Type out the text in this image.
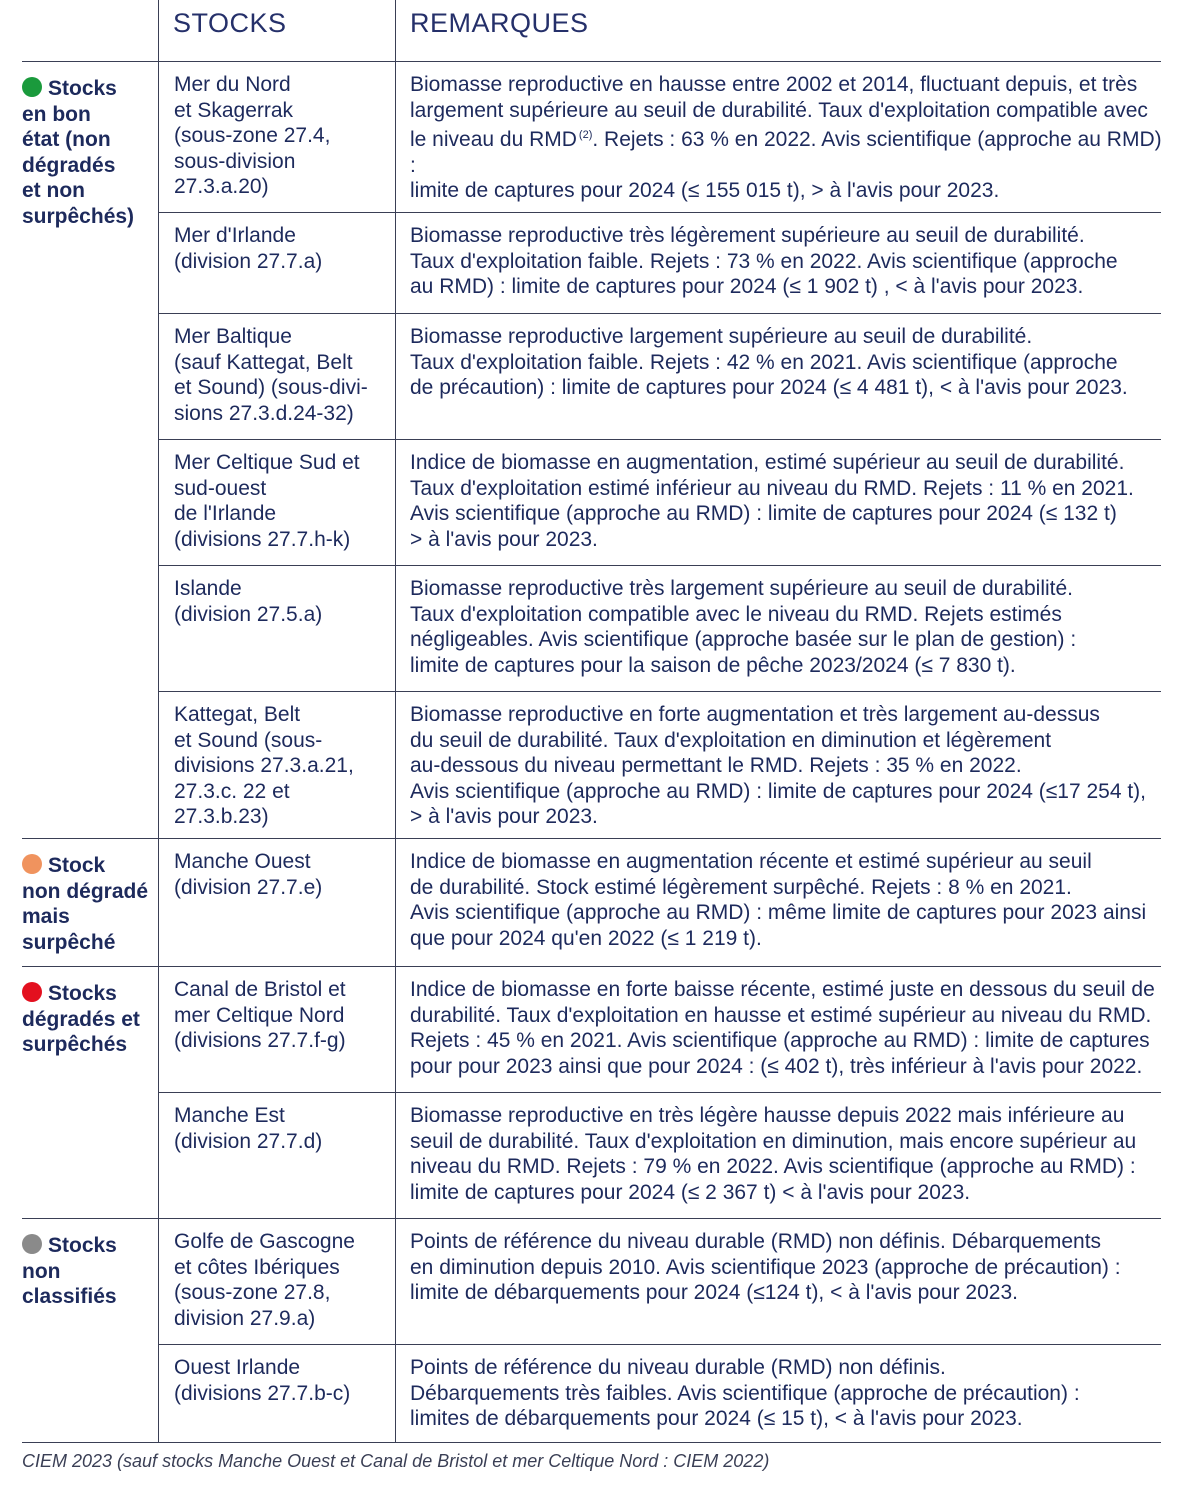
STOCKS	REMARQUES
Stocks
en bon
état (non
dégradés
et non
surpêchés)
Mer du Nord
et Skagerrak
(sous-zone 27.4,
sous-division
27.3.a.20)
Biomasse reproductive en hausse entre 2002 et 2014, fluctuant depuis, et très
largement supérieure au seuil de durabilité. Taux d'exploitation compatible avec
le niveau du RMD $^{(2)}$. Rejets : 63 % en 2022. Avis scientifique (approche au RMD) :
limite de captures pour 2024 (≤ 155 015 t), > à l'avis pour 2023.
Mer d'Irlande
(division 27.7.a)
Biomasse reproductive très légèrement supérieure au seuil de durabilité.
Taux d'exploitation faible. Rejets : 73 % en 2022. Avis scientifique (approche
au RMD) : limite de captures pour 2024 (≤ 1 902 t) , < à l'avis pour 2023.
Mer Baltique
(sauf Kattegat, Belt
et Sound) (sous-divi-
sions 27.3.d.24-32)
Biomasse reproductive largement supérieure au seuil de durabilité.
Taux d'exploitation faible. Rejets : 42 % en 2021. Avis scientifique (approche
de précaution) : limite de captures pour 2024 (≤ 4 481 t), < à l'avis pour 2023.
Mer Celtique Sud et
sud-ouest
de l'Irlande
(divisions 27.7.h-k)
Indice de biomasse en augmentation, estimé supérieur au seuil de durabilité.
Taux d'exploitation estimé inférieur au niveau du RMD. Rejets : 11 % en 2021.
Avis scientifique (approche au RMD) : limite de captures pour 2024 (≤ 132 t)
> à l'avis pour 2023.
Islande
(division 27.5.a)
Biomasse reproductive très largement supérieure au seuil de durabilité.
Taux d'exploitation compatible avec le niveau du RMD. Rejets estimés
négligeables. Avis scientifique (approche basée sur le plan de gestion) :
limite de captures pour la saison de pêche 2023/2024 (≤ 7 830 t).
Kattegat, Belt
et Sound (sous-
divisions 27.3.a.21,
27.3.c. 22 et
27.3.b.23)
Biomasse reproductive en forte augmentation et très largement au-dessus
du seuil de durabilité. Taux d'exploitation en diminution et légèrement
au-dessous du niveau permettant le RMD. Rejets : 35 % en 2022.
Avis scientifique (approche au RMD) : limite de captures pour 2024 (≤17 254 t),
> à l'avis pour 2023.
Stock
non dégradé
mais
surpêché
Manche Ouest
(division 27.7.e)
Indice de biomasse en augmentation récente et estimé supérieur au seuil
de durabilité. Stock estimé légèrement surpêché. Rejets : 8 % en 2021.
Avis scientifique (approche au RMD) : même limite de captures pour 2023 ainsi
que pour 2024 qu'en 2022 (≤ 1 219 t).
Stocks
dégradés et
surpêchés
Canal de Bristol et
mer Celtique Nord
(divisions 27.7.f-g)
Indice de biomasse en forte baisse récente, estimé juste en dessous du seuil de
durabilité. Taux d'exploitation en hausse et estimé supérieur au niveau du RMD.
Rejets : 45 % en 2021. Avis scientifique (approche au RMD) : limite de captures
pour pour 2023 ainsi que pour 2024 : (≤ 402 t), très inférieur à l'avis pour 2022.
Manche Est
(division 27.7.d)
Biomasse reproductive en très légère hausse depuis 2022 mais inférieure au
seuil de durabilité. Taux d'exploitation en diminution, mais encore supérieur au
niveau du RMD. Rejets : 79 % en 2022. Avis scientifique (approche au RMD) :
limite de captures pour 2024 (≤ 2 367 t) < à l'avis pour 2023.
Stocks
non
classifiés
Golfe de Gascogne
et côtes Ibériques
(sous-zone 27.8,
division 27.9.a)
Points de référence du niveau durable (RMD) non définis. Débarquements
en diminution depuis 2010. Avis scientifique 2023 (approche de précaution) :
limite de débarquements pour 2024 (≤124 t), < à l'avis pour 2023.
Ouest Irlande
(divisions 27.7.b-c)
Points de référence du niveau durable (RMD) non définis.
Débarquements très faibles. Avis scientifique (approche de précaution) :
limites de débarquements pour 2024 (≤ 15 t), < à l'avis pour 2023.
CIEM 2023 (sauf stocks Manche Ouest et Canal de Bristol et mer Celtique Nord : CIEM 2022)
